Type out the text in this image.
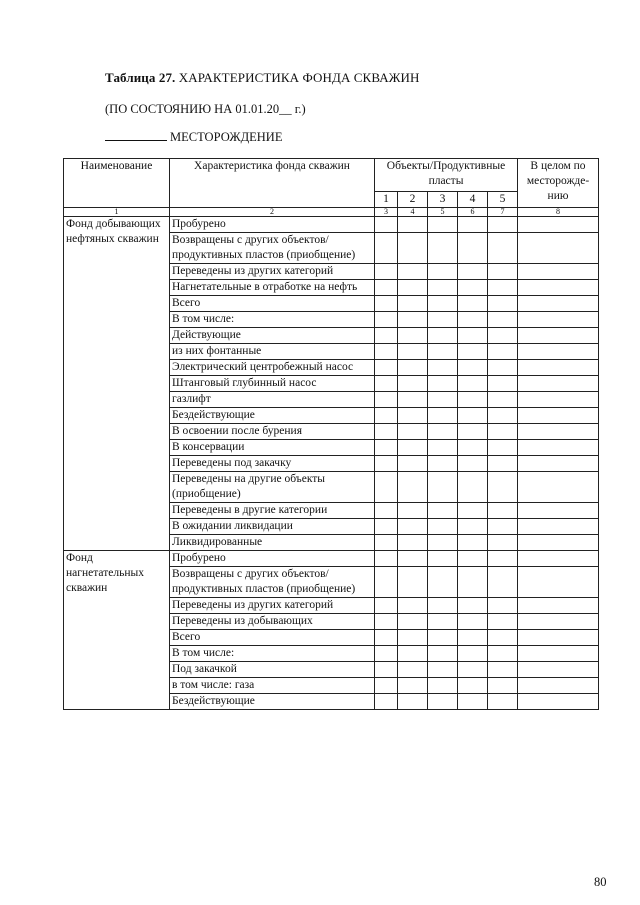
Таблица 27. ХАРАКТЕРИСТИКА ФОНДА СКВАЖИН
(ПО СОСТОЯНИЮ НА 01.01.20__ г.)
МЕСТОРОЖДЕНИЕ
Наименование	Характеристика фонда скважин	Объекты/Продуктивные пласты					В целом по месторожде-нию
		1	2	3	4	5	
1	2	3	4	5	6	7	8
Фонд добывающих нефтяных скважин	Пробурено						
	Возвращены с других объектов/продуктивных пластов (приобщение)						
	Переведены из других категорий						
	Нагнетательные в отработке на нефть						
	Всего						
	В том числе:						
	Действующие						
	из них фонтанные						
	Электрический центробежный насос						
	Штанговый глубинный насос						
	газлифт						
	Бездействующие						
	В освоении после бурения						
	В консервации						
	Переведены под закачку						
	Переведены на другие объекты (приобщение)						
	Переведены в другие категории						
	В ожидании ликвидации						
	Ликвидированные						
Фонд нагнетательных скважин	Пробурено						
	Возвращены с других объектов/продуктивных пластов (приобщение)						
	Переведены из других категорий						
	Переведены из добывающих						
	Всего						
	В том числе:						
	Под закачкой						
	в том числе: газа						
	Бездействующие						
80
